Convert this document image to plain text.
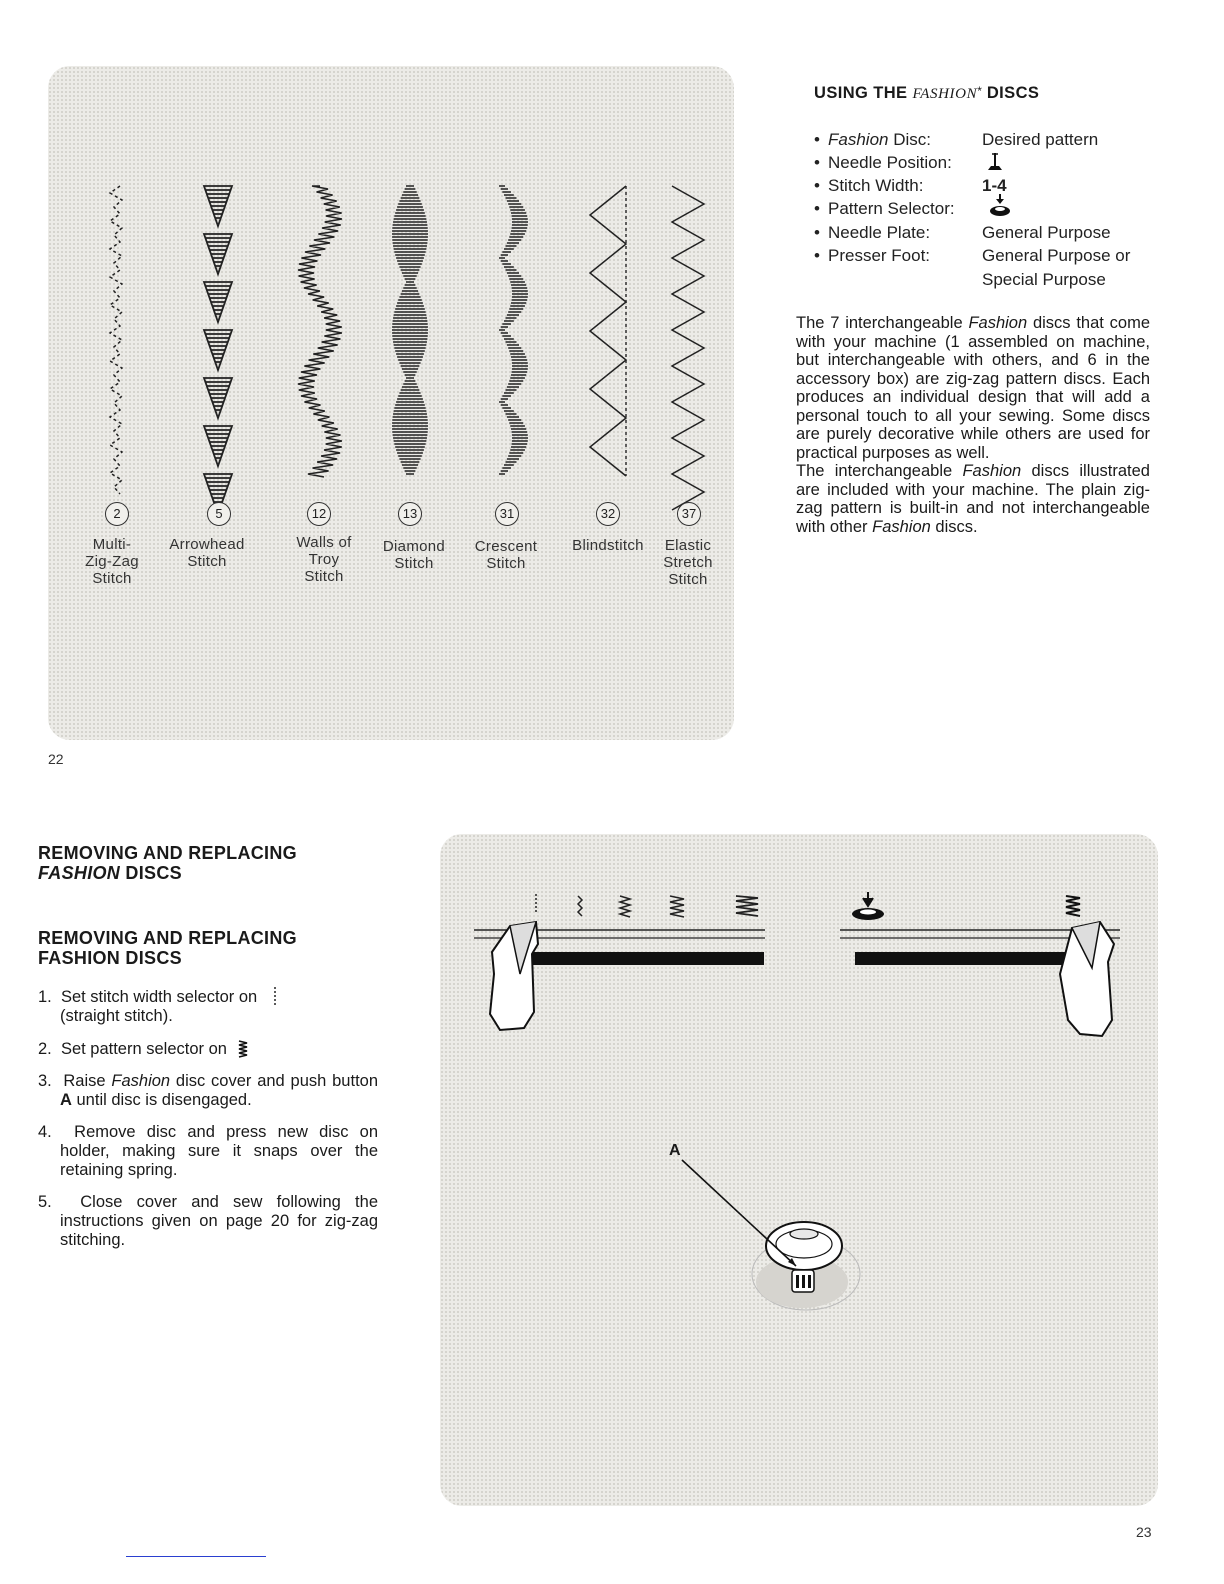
2	5	12	13	31	32	37
Multi-
Zig-Zag
Stitch
Arrowhead
Stitch
Walls of
Troy
Stitch
Diamond
Stitch
Crescent
Stitch
Blindstitch	Elastic
Stretch
Stitch
22
USING THE FASHION* DISCS
• Fashion Disc:	Desired pattern
• Needle Position:
• Stitch Width:	1-4
• Pattern Selector:
• Needle Plate:	General Purpose
• Presser Foot:	General Purpose or
Special Purpose

The 7 interchangeable Fashion discs that come with your machine (1 assembled on machine, but interchangeable with others, and 6 in the accessory box) are zig-zag pattern discs. Each produces an individual design that will add a personal touch to all your sewing. Some discs are purely decorative while others are used for practical purposes as well.

The interchangeable Fashion discs illustrated are included with your machine. The plain zig-zag pattern is built-in and not interchangeable with other Fashion discs.

REMOVING AND REPLACING
FASHION DISCS
REMOVING AND REPLACING
FASHION DISCS
1. Set stitch width selector on
(straight stitch).
2. Set pattern selector on
3. Raise Fashion disc cover and push button A until disc is disengaged.
4. Remove disc and press new disc on holder, making sure it snaps over the retaining spring.
5. Close cover and sew following the instructions given on page 20 for zig-zag stitching.
A
23
